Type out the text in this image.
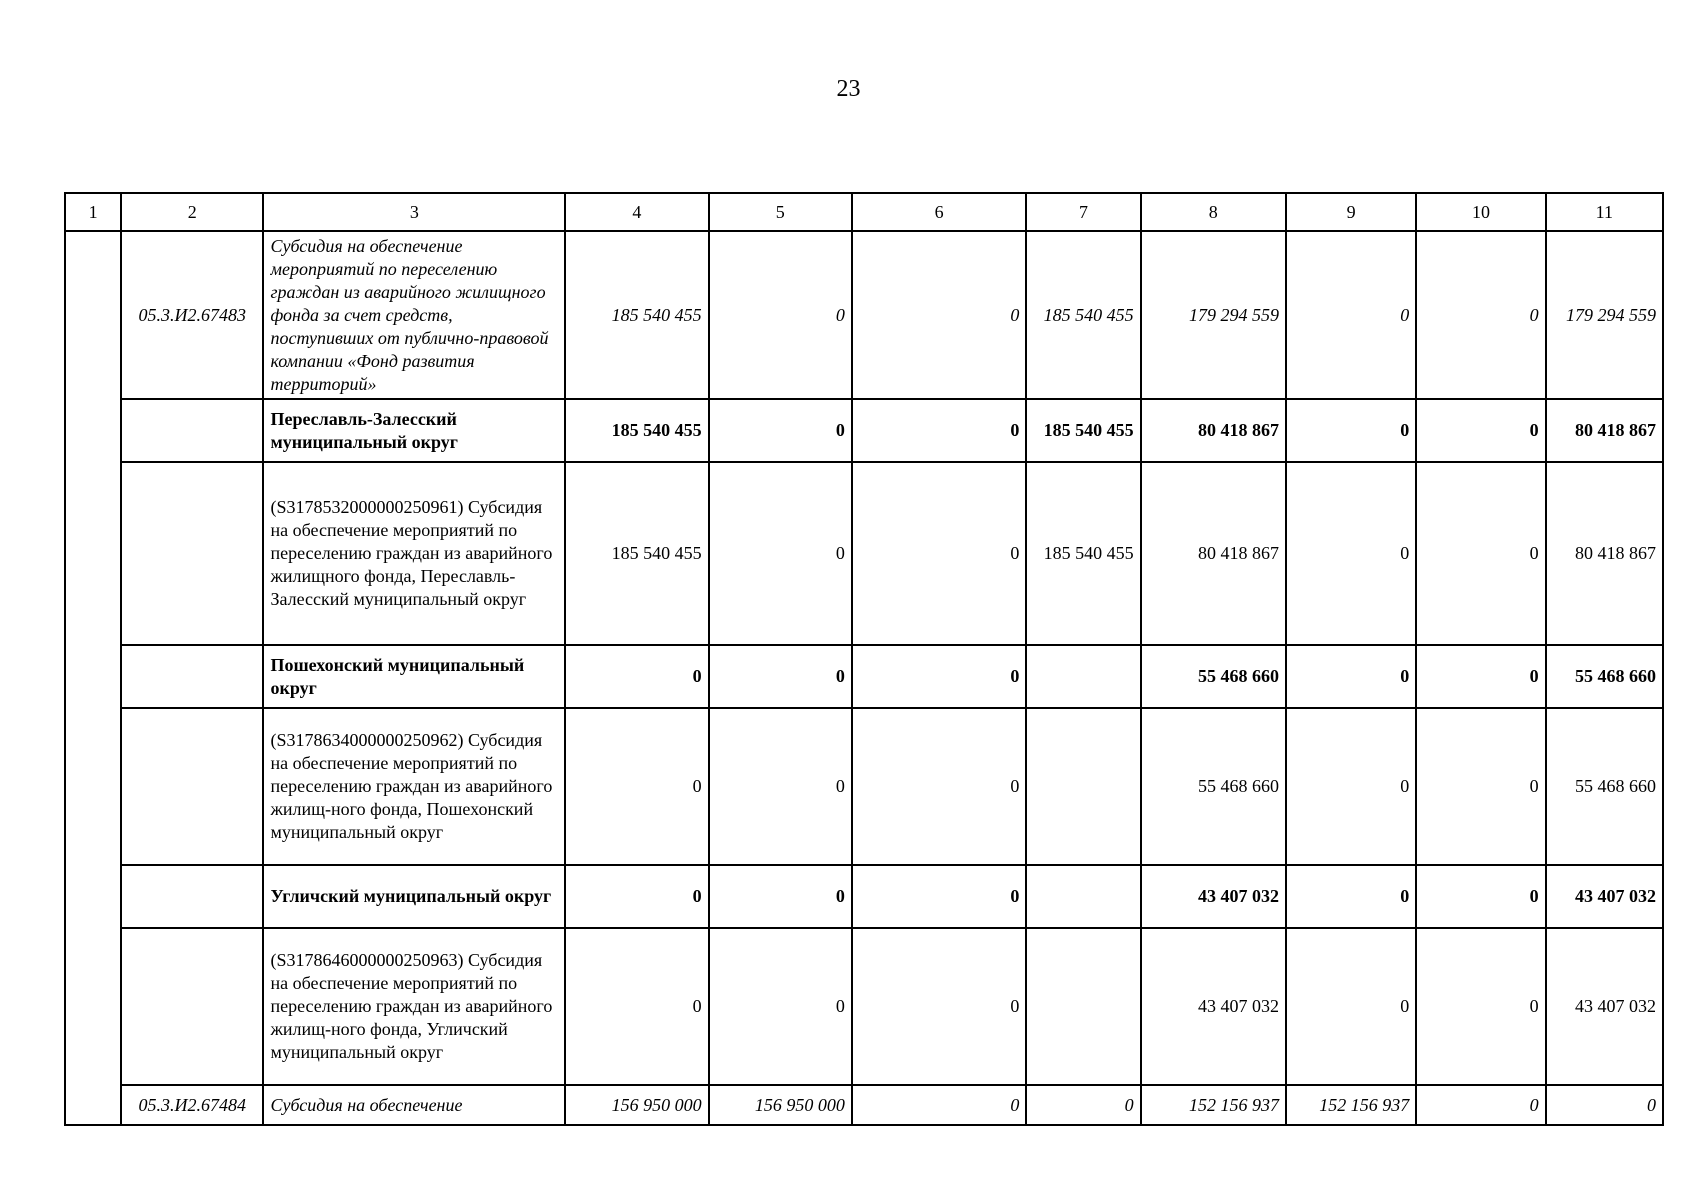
23
1	2	3	4	5	6	7	8	9	10	11
	05.3.И2.67483	Субсидия на обеспечение мероприятий по переселению граждан из аварийного жилищного фонда за счет средств, поступивших от публично-правовой компании «Фонд развития территорий»	185 540 455	0	0	185 540 455	179 294 559	0	0	179 294 559
		Переславль-Залесский муниципальный округ	185 540 455	0	0	185 540 455	80 418 867	0	0	80 418 867
		(S3178532000000250961) Субсидия на обеспечение мероприятий по переселению граждан из аварийного жилищного фонда, Переславль-Залесский муниципальный округ	185 540 455	0	0	185 540 455	80 418 867	0	0	80 418 867
		Пошехонский муниципальный округ	0	0	0		55 468 660	0	0	55 468 660
		(S3178634000000250962) Субсидия на обеспечение мероприятий по переселению граждан из аварийного жилищ-ного фонда, Пошехонский муниципальный округ	0	0	0		55 468 660	0	0	55 468 660
		Угличский муниципальный округ	0	0	0		43 407 032	0	0	43 407 032
		(S3178646000000250963) Субсидия на обеспечение мероприятий по переселению граждан из аварийного жилищ-ного фонда, Угличский муниципальный округ	0	0	0		43 407 032	0	0	43 407 032
	05.3.И2.67484	Субсидия на обеспечение	156 950 000	156 950 000	0	0	152 156 937	152 156 937	0	0
